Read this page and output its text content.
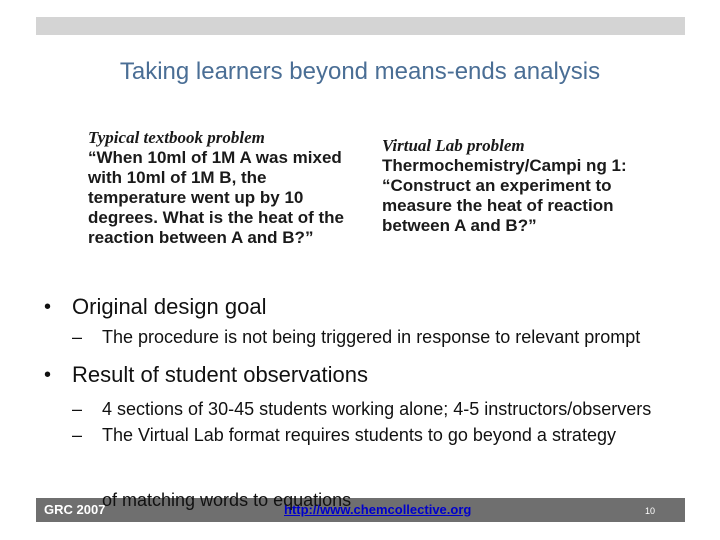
Taking learners beyond means-ends analysis
Typical textbook problem
“When 10ml of 1M A was mixed with 10ml of 1M B, the temperature went up by 10 degrees. What is the heat of the reaction between A and B?”
Virtual Lab problem
Thermochemistry/Campi ng 1: “Construct an experiment to measure the heat of reaction between A and B?”
• Original design goal
– The procedure is not being triggered in response to relevant prompt
• Result of student observations
– 4 sections of 30-45 students working alone; 4-5 instructors/observers
– The Virtual Lab format requires students to go beyond a strategy
GRC 2007	http://www.chemcollective.org	10
of matching words to equations
